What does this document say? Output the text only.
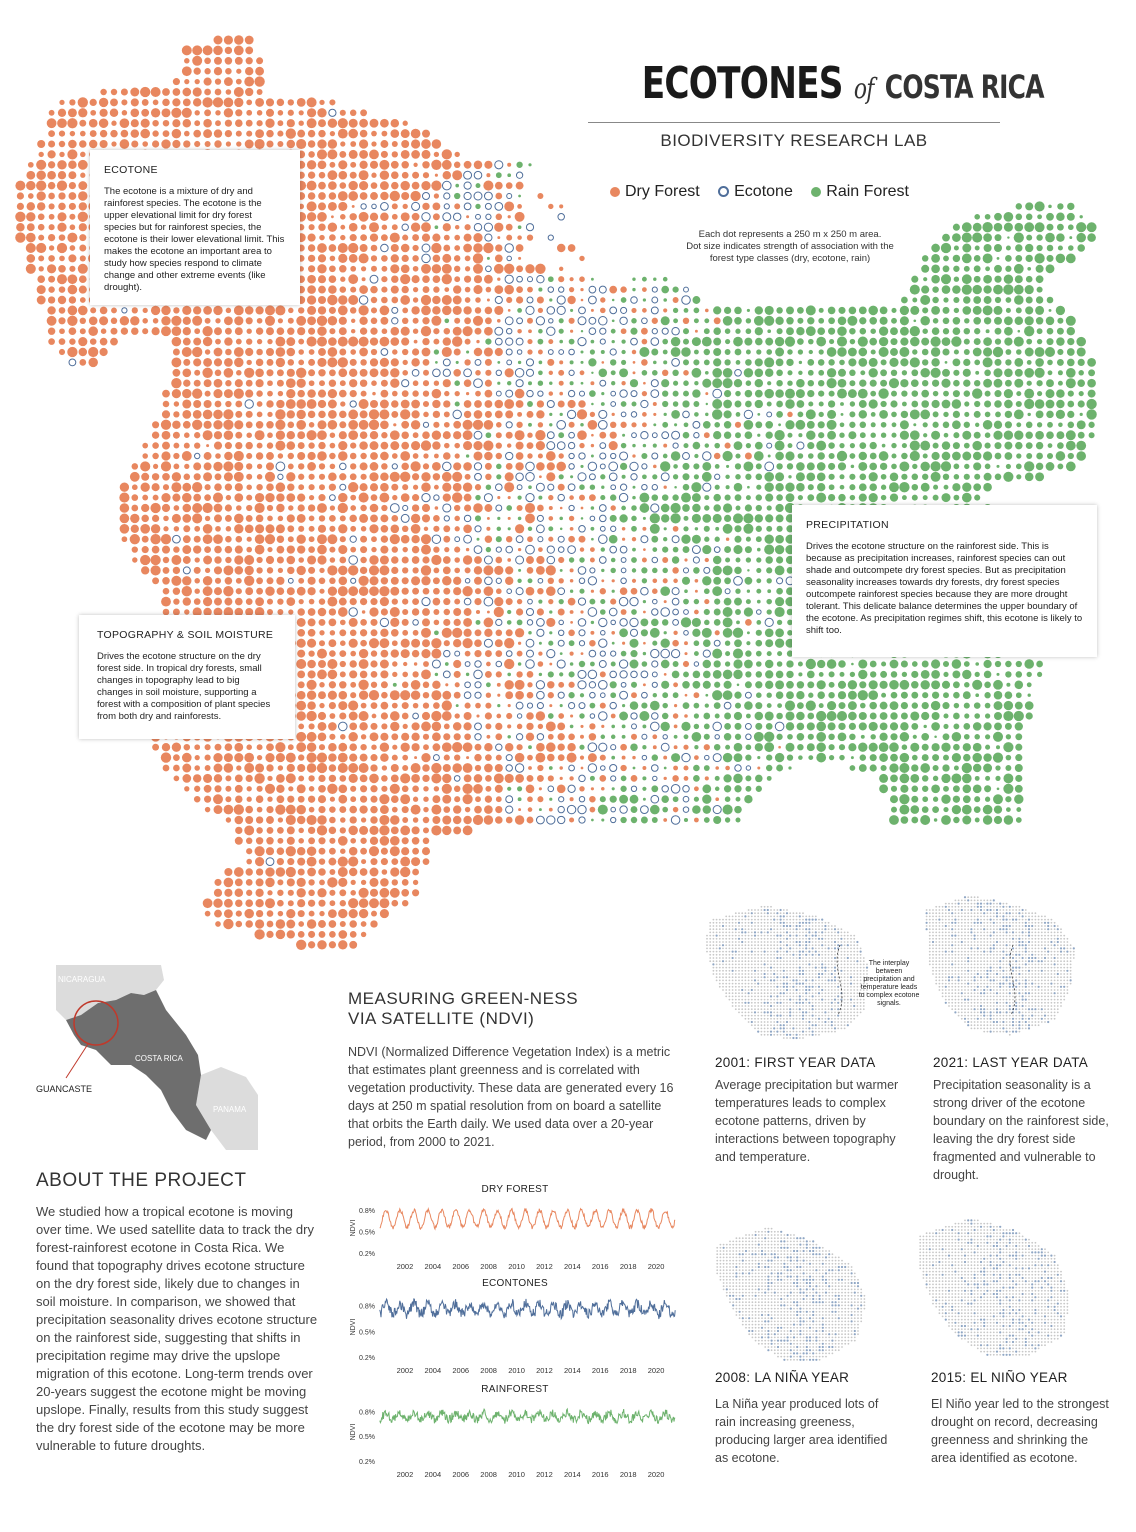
ECOTONES of COSTA RICA
BIODIVERSITY RESEARCH LAB
Dry Forest Ecotone Rain Forest
Each dot represents a 250 m x 250 m area.
Dot size indicates strength of association with the
forest type classes (dry, ecotone, rain)
ECOTONE

The ecotone is a mixture of dry and rainforest species. The ecotone is the upper elevational limit for dry forest species but for rainforest species, the ecotone is their lower elevational limit. This makes the ecotone an important area to study how species respond to climate change and other extreme events (like drought).

PRECIPITATION

Drives the ecotone structure on the rainforest side. This is because as precipitation increases, rainforest species can out shade and outcompete dry forest species. But as precipitation seasonality increases towards dry forests, dry forest species outcompete rainforest species because they are more drought tolerant. This delicate balance determines the upper boundary of the ecotone. As precipitation regimes shift, this ecotone is likely to shift too.

TOPOGRAPHY & SOIL MOISTURE

Drives the ecotone structure on the dry forest side. In tropical dry forests, small changes in topography lead to big changes in soil moisture, supporting a forest with a composition of plant species from both dry and rainforests.

NICARAGUA
COSTA RICA
PANAMA
GUANCASTE
ABOUT THE PROJECT
We studied how a tropical ecotone is moving over time. We used satellite data to track the dry forest-rainforest ecotone in Costa Rica. We found that topography drives ecotone structure on the dry forest side, likely due to changes in soil moisture. In comparison, we showed that precipitation seasonality drives ecotone structure on the rainforest side, suggesting that shifts in precipitation regime may drive the upslope migration of this ecotone. Long-term trends over 20-years suggest the ecotone might be moving upslope. Finally, results from this study suggest the dry forest side of the ecotone may be more vulnerable to future droughts.
MEASURING GREEN-NESS
VIA SATELLITE (NDVI)
NDVI (Normalized Difference Vegetation Index) is a metric that estimates plant greenness and is correlated with vegetation productivity. These data are generated every 16 days at 250 m spatial resolution from on board a satellite that orbits the Earth daily. We used data over a 20-year period, from 2000 to 2021.
DRY FOREST
NDVI
0.8%
0.5%
0.2%
2002 2004 2006 2008 2010 2012 2014 2016 2018 2020
ECONTONES
NDVI
0.8%
0.5%
0.2%
2002 2004 2006 2008 2010 2012 2014 2016 2018 2020
RAINFOREST
NDVI
0.8%
0.5%
0.2%
2002 2004 2006 2008 2010 2012 2014 2016 2018 2020
The interplay between precipitation and temperature leads to complex ecotone signals.
2001: FIRST YEAR DATA
Average precipitation but warmer temperatures leads to complex ecotone patterns, driven by interactions between topography and temperature.
2021: LAST YEAR DATA
Precipitation seasonality is a strong driver of the ecotone boundary on the rainforest side, leaving the dry forest side fragmented and vulnerable to drought.
2008: LA NIÑA YEAR
La Niña year produced lots of rain increasing greeness, producing larger area identified as ecotone.
2015: EL NIÑO YEAR
El Niño year led to the strongest drought on record, decreasing greenness and shrinking the area identified as ecotone.
